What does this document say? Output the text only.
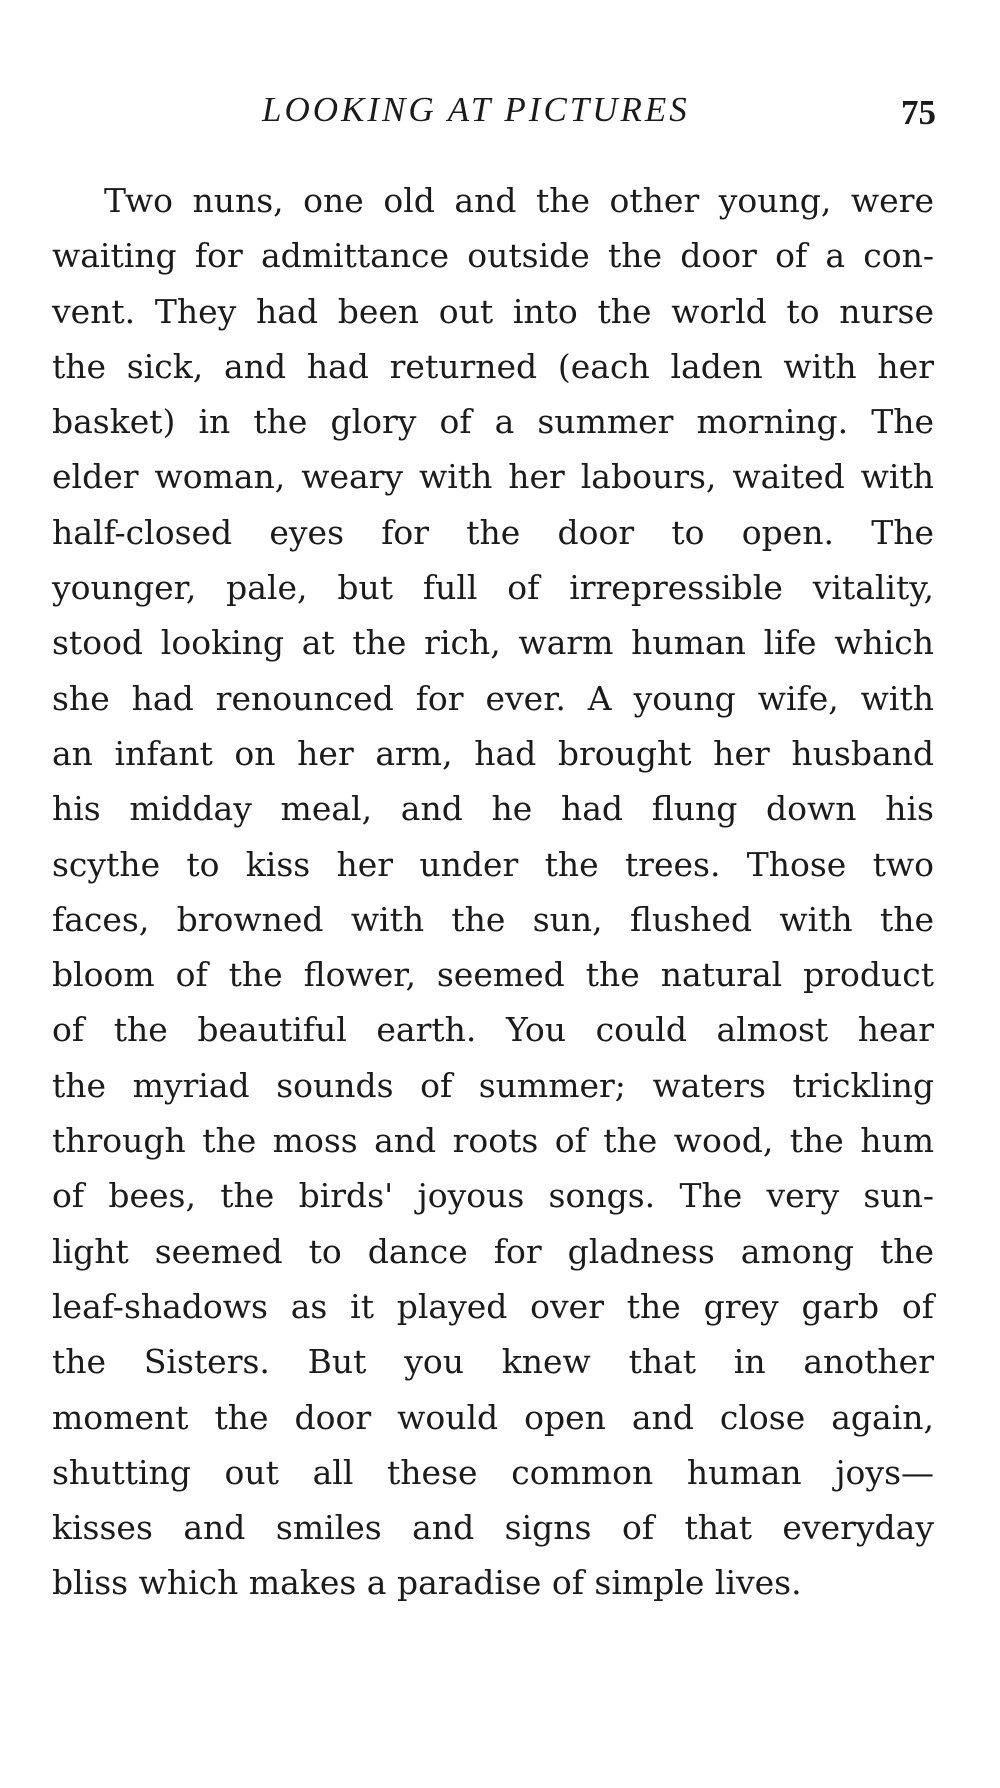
LOOKING AT PICTURES	75
Two nuns, one old and the other young, were
waiting for admittance outside the door of a con-
vent. They had been out into the world to nurse
the sick, and had returned (each laden with her
basket) in the glory of a summer morning. The
elder woman, weary with her labours, waited with
half-closed eyes for the door to open. The
younger, pale, but full of irrepressible vitality,
stood looking at the rich, warm human life which
she had renounced for ever. A young wife, with
an infant on her arm, had brought her husband
his midday meal, and he had flung down his
scythe to kiss her under the trees. Those two
faces, browned with the sun, flushed with the
bloom of the flower, seemed the natural product
of the beautiful earth. You could almost hear
the myriad sounds of summer; waters trickling
through the moss and roots of the wood, the hum
of bees, the birds' joyous songs. The very sun-
light seemed to dance for gladness among the
leaf-shadows as it played over the grey garb of
the Sisters. But you knew that in another
moment the door would open and close again,
shutting out all these common human joys—
kisses and smiles and signs of that everyday
bliss which makes a paradise of simple lives.
